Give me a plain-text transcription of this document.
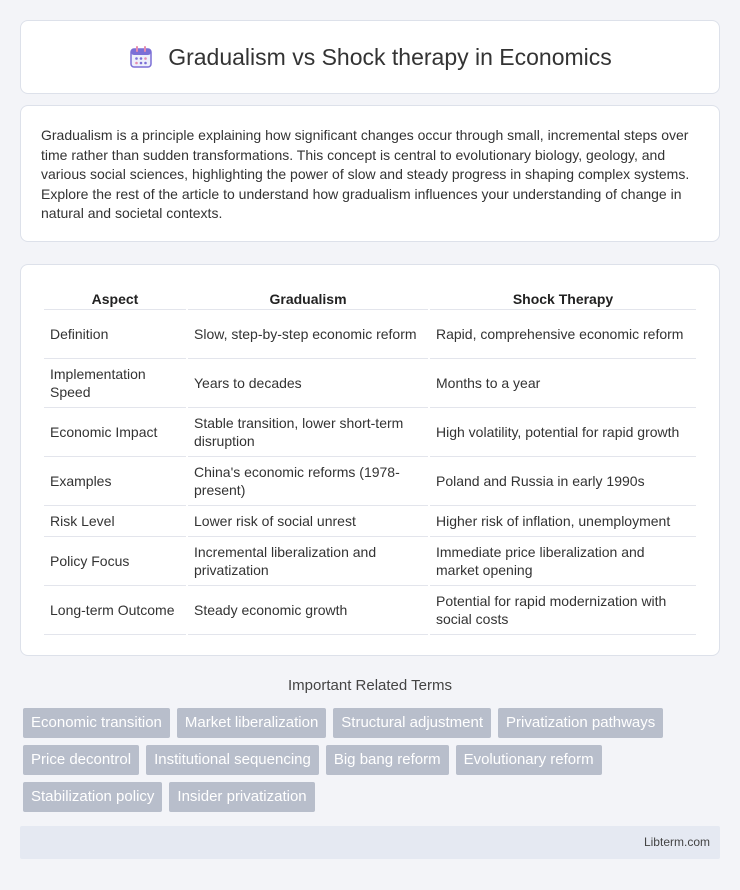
Gradualism vs Shock therapy in Economics

Gradualism is a principle explaining how significant changes occur through small, incremental steps over time rather than sudden transformations. This concept is central to evolutionary biology, geology, and various social sciences, highlighting the power of slow and steady progress in shaping complex systems. Explore the rest of the article to understand how gradualism influences your understanding of change in natural and societal contexts.

Aspect	Gradualism	Shock Therapy
Definition	Slow, step-by-step economic reform	Rapid, comprehensive economic reform
Implementation Speed	Years to decades	Months to a year
Economic Impact	Stable transition, lower short-term disruption	High volatility, potential for rapid growth
Examples	China's economic reforms (1978-present)	Poland and Russia in early 1990s
Risk Level	Lower risk of social unrest	Higher risk of inflation, unemployment
Policy Focus	Incremental liberalization and privatization	Immediate price liberalization and market opening
Long-term Outcome	Steady economic growth	Potential for rapid modernization with social costs
Important Related Terms
Economic transition	Market liberalization	Structural adjustment	Privatization pathways
Price decontrol	Institutional sequencing	Big bang reform	Evolutionary reform
Stabilization policy	Insider privatization
Libterm.com
